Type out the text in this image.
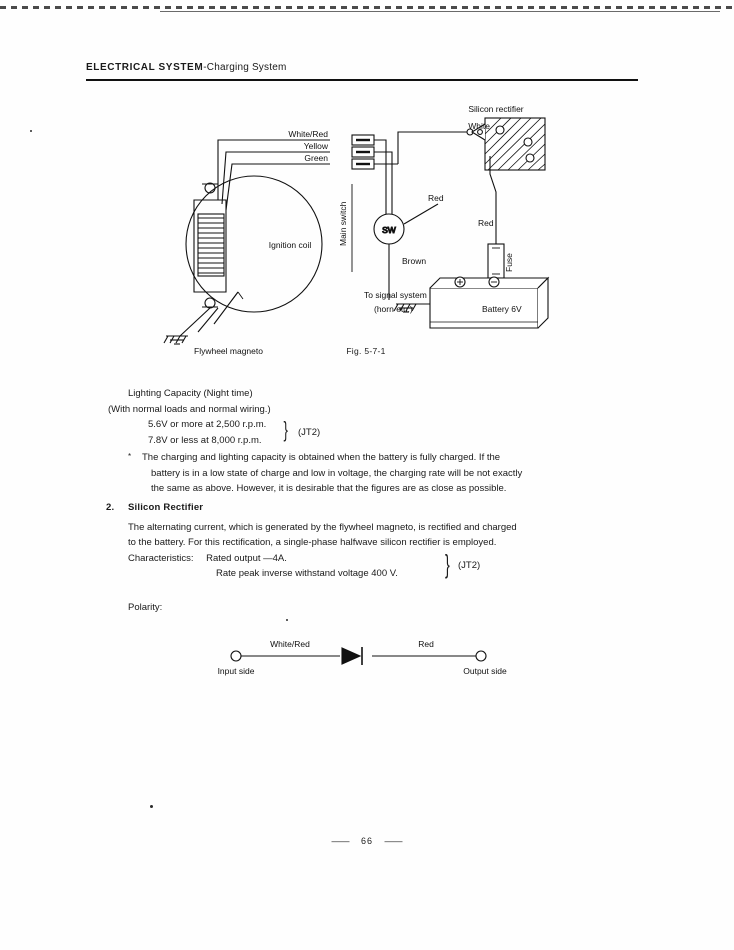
ELECTRICAL SYSTEM-Charging System
SW
White/Red
Yellow
Green
White
Red
Red
Brown
Ignition coil
Silicon rectifier
To signal system
(horn etc.)	Battery 6V
Flywheel magneto
Main switch
Fuse
Fig. 5-7-1
Lighting Capacity (Night time)
(With normal loads and normal wiring.)
5.6V or more at 2,500 r.p.m. } (JT2)
7.8V or less at 8,000 r.p.m.
* The charging and lighting capacity is obtained when the battery is fully charged. If the
battery is in a low state of charge and low in voltage, the charging rate will be not exactly
the same as above. However, it is desirable that the figures are as close as possible.
2. Silicon Rectifier
The alternating current, which is generated by the flywheel magneto, is rectified and charged
to the battery. For this rectification, a single-phase halfwave silicon rectifier is employed.
Characteristics: Rated output —4A.	} (JT2)
Rate peak inverse withstand voltage 400 V.
Polarity:
White/Red	Red
Input side	Output side
—— 66 ——
